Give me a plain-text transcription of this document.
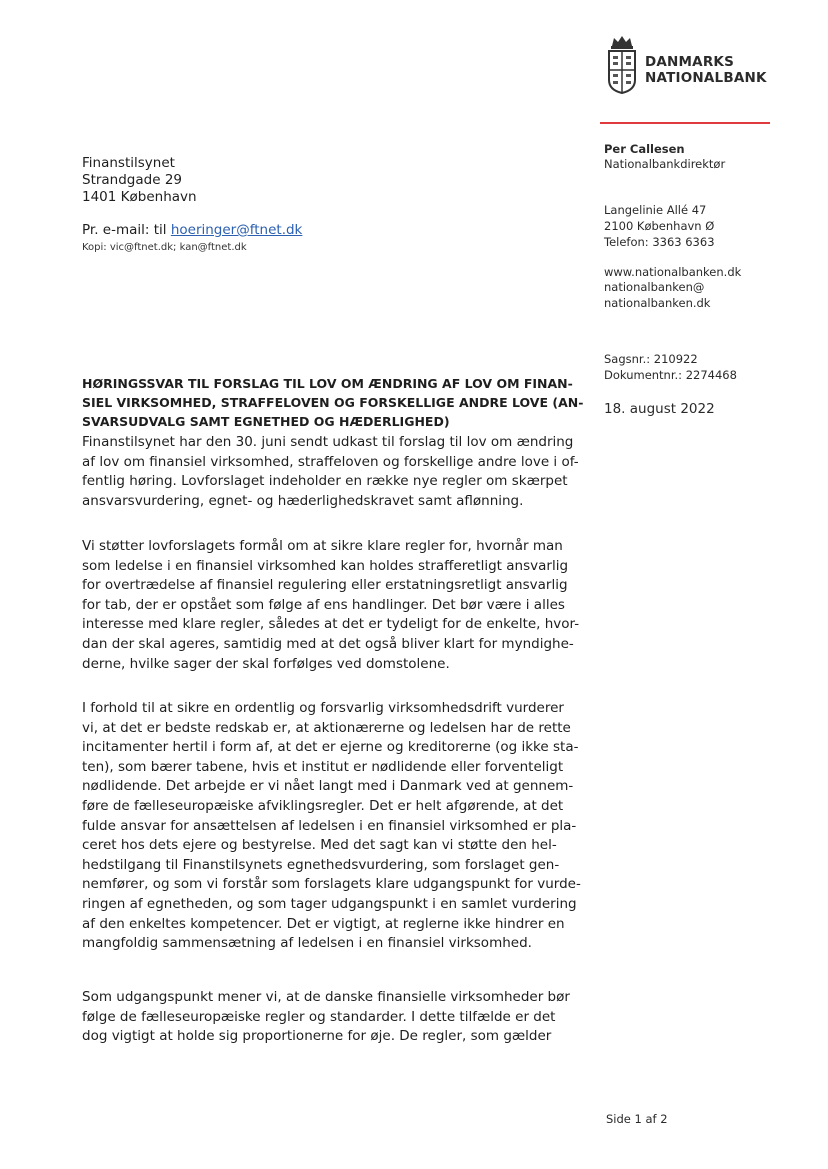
DANMARKS
NATIONALBANK
Per Callesen
Nationalbankdirektør
Langelinie Allé 47
2100 København Ø
Telefon: 3363 6363
www.nationalbanken.dk
nationalbanken@
nationalbanken.dk
Sagsnr.: 210922
Dokumentnr.: 2274468
18. august 2022
Finanstilsynet
Strandgade 29
1401 København
Pr. e-mail: til hoeringer@ftnet.dk
Kopi: vic@ftnet.dk; kan@ftnet.dk
HØRINGSSVAR TIL FORSLAG TIL LOV OM ÆNDRING AF LOV OM FINAN-
SIEL VIRKSOMHED, STRAFFELOVEN OG FORSKELLIGE ANDRE LOVE (AN-
SVARSUDVALG SAMT EGNETHED OG HÆDERLIGHED)
Finanstilsynet har den 30. juni sendt udkast til forslag til lov om ændring
af lov om finansiel virksomhed, straffeloven og forskellige andre love i of-
fentlig høring. Lovforslaget indeholder en række nye regler om skærpet
ansvarsvurdering, egnet- og hæderlighedskravet samt aflønning.
Vi støtter lovforslagets formål om at sikre klare regler for, hvornår man
som ledelse i en finansiel virksomhed kan holdes strafferetligt ansvarlig
for overtrædelse af finansiel regulering eller erstatningsretligt ansvarlig
for tab, der er opstået som følge af ens handlinger. Det bør være i alles
interesse med klare regler, således at det er tydeligt for de enkelte, hvor-
dan der skal ageres, samtidig med at det også bliver klart for myndighe-
derne, hvilke sager der skal forfølges ved domstolene.
I forhold til at sikre en ordentlig og forsvarlig virksomhedsdrift vurderer
vi, at det er bedste redskab er, at aktionærerne og ledelsen har de rette
incitamenter hertil i form af, at det er ejerne og kreditorerne (og ikke sta-
ten), som bærer tabene, hvis et institut er nødlidende eller forventeligt
nødlidende. Det arbejde er vi nået langt med i Danmark ved at gennem-
føre de fælleseuropæiske afviklingsregler. Det er helt afgørende, at det
fulde ansvar for ansættelsen af ledelsen i en finansiel virksomhed er pla-
ceret hos dets ejere og bestyrelse. Med det sagt kan vi støtte den hel-
hedstilgang til Finanstilsynets egnethedsvurdering, som forslaget gen-
nemfører, og som vi forstår som forslagets klare udgangspunkt for vurde-
ringen af egnetheden, og som tager udgangspunkt i en samlet vurdering
af den enkeltes kompetencer. Det er vigtigt, at reglerne ikke hindrer en
mangfoldig sammensætning af ledelsen i en finansiel virksomhed.
Som udgangspunkt mener vi, at de danske finansielle virksomheder bør
følge de fælleseuropæiske regler og standarder. I dette tilfælde er det
dog vigtigt at holde sig proportionerne for øje. De regler, som gælder
Side 1 af 2
